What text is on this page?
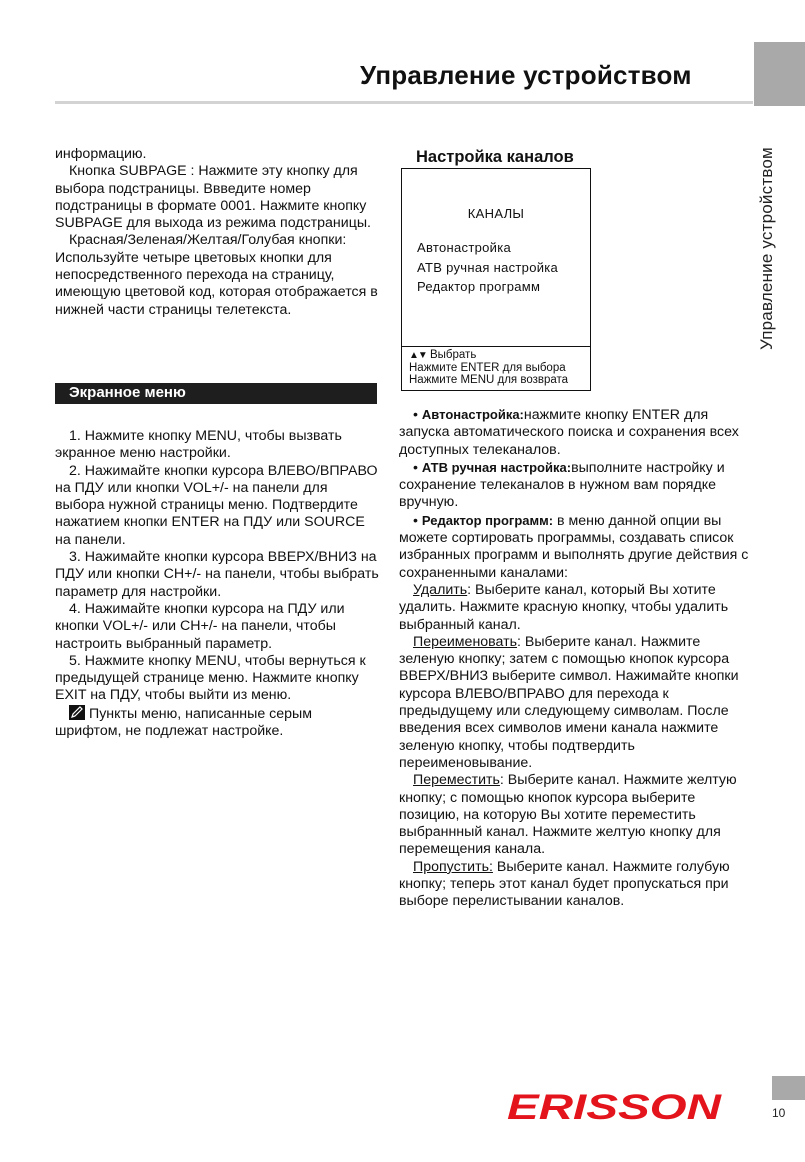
Управление устройством
Управление устройством

информацию.

Кнопка SUBPAGE : Нажмите эту кнопку для выбора подстраницы. Ввведите номер подстраницы в формате 0001. Нажмите кнопку SUBPAGE для выхода из режима подстраницы.

Красная/Зеленая/Желтая/Голубая кнопки: Используйте четыре цветовых кнопки для непосредственного перехода на страницу, имеющую цветовой код, которая отображается в нижней части страницы телетекста.

Экранное меню

1. Нажмите кнопку MENU, чтобы вызвать экранное меню настройки.

2. Нажимайте кнопки курсора ВЛЕВО/ВПРАВО на ПДУ или кнопки VOL+/- на панели для выбора нужной страницы меню. Подтвердите нажатием кнопки ENTER на ПДУ или SOURCE на панели.

3. Нажимайте кнопки курсора ВВЕРХ/ВНИЗ на ПДУ или кнопки CH+/- на панели, чтобы выбрать параметр для настройки.

4. Нажимайте кнопки курсора на ПДУ или кнопки VOL+/- или CH+/- на панели, чтобы настроить выбранный параметр.

5. Нажмите кнопку MENU, чтобы вернуться к предыдущей странице меню. Нажмите кнопку EXIT на ПДУ, чтобы выйти из меню.

Пункты меню, написанные серым шрифтом, не подлежат настройке.

Настройка каналов
КАНАЛЫ
Автонастройка
АТВ ручная настройка
Редактор программ
▲▼ Выбрать
Нажмите ENTER для выбора
Нажмите MENU для возврата

• Автонастройка:нажмите кнопку ENTER для запуска автоматического поиска и сохранения всех доступных телеканалов.

• АТВ ручная настройка:выполните настройку и сохранение телеканалов в нужном вам порядке вручную.

• Редактор программ: в меню данной опции вы можете сортировать программы, создавать список избранных программ и выполнять другие действия с сохраненными каналами:

Удалить: Выберите канал, который Вы хотите удалить. Нажмите красную кнопку, чтобы удалить выбранный канал.

Переименовать: Выберите канал. Нажмите зеленую кнопку; затем с помощью кнопок курсора ВВЕРХ/ВНИЗ выберите символ. Нажимайте кнопки курсора ВЛЕВО/ВПРАВО для перехода к предыдущему или следующему символам. После введения всех символов имени канала нажмите зеленую кнопку, чтобы подтвердить переименовывание.

Переместить: Выберите канал. Нажмите желтую кнопку; с помощью кнопок курсора выберите позицию, на которую Вы хотите переместить выбраннный канал. Нажмите желтую кнопку для перемещения канала.

Пропустить: Выберите канал. Нажмите голубую кнопку; теперь этот канал будет пропускаться при выборе перелистывании каналов.

ERISSON	10
